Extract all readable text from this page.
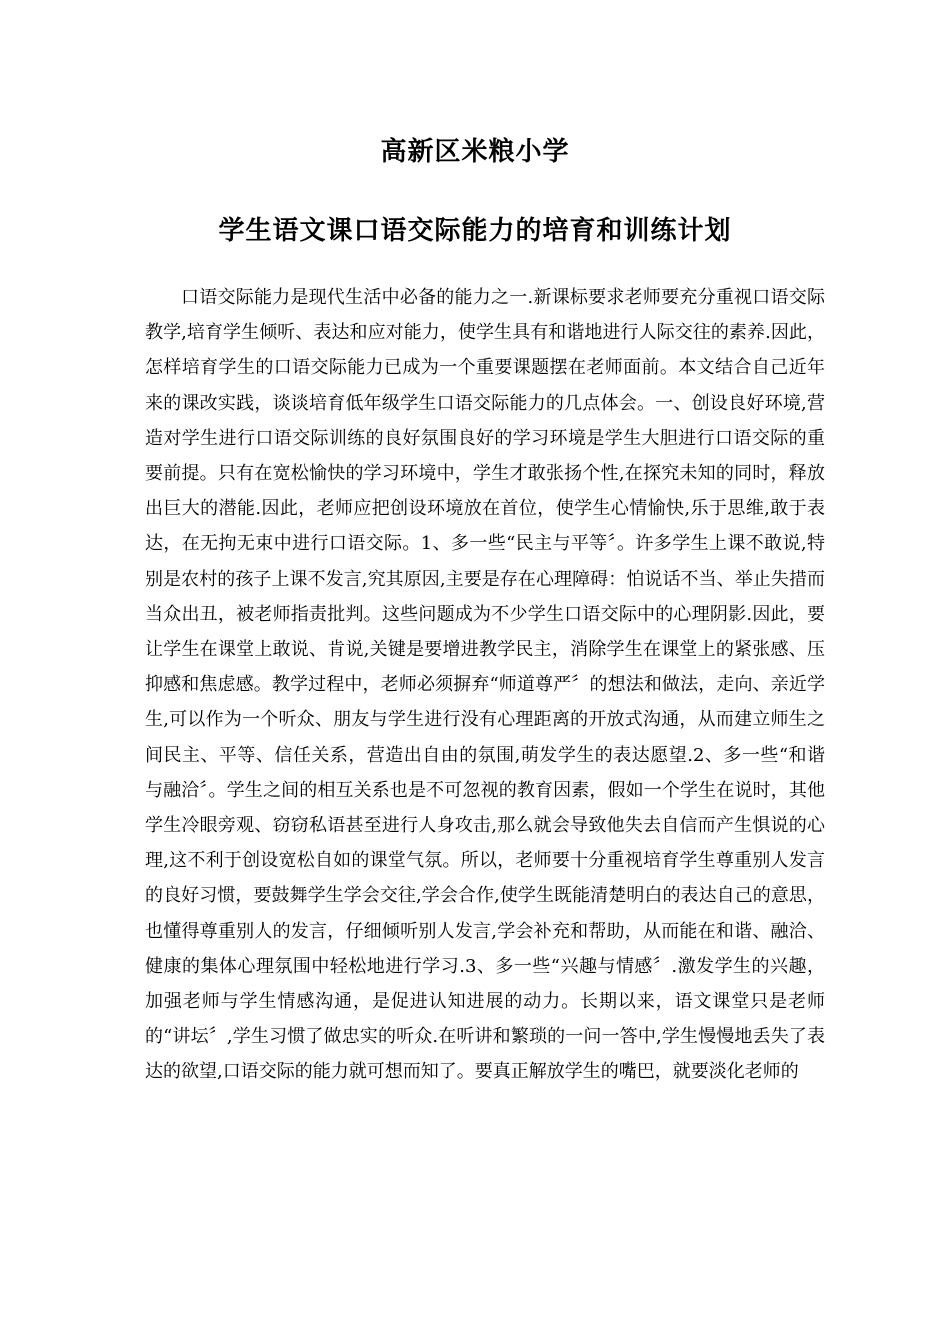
高新区米粮小学
学生语文课口语交际能力的培育和训练计划

口语交际能力是现代生活中必备的能力之一.新课标要求老师要充分重视口语交际教学,培育学生倾听、表达和应对能力，使学生具有和谐地进行人际交往的素养.因此，怎样培育学生的口语交际能力已成为一个重要课题摆在老师面前。本文结合自己近年来的课改实践，谈谈培育低年级学生口语交际能力的几点体会。一、创设良好环境,营造对学生进行口语交际训练的良好氛围良好的学习环境是学生大胆进行口语交际的重要前提。只有在宽松愉快的学习环境中，学生才敢张扬个性,在探究未知的同时，释放出巨大的潜能.因此，老师应把创设环境放在首位，使学生心情愉快,乐于思维,敢于表达，在无拘无束中进行口语交际。1、多一些“民主与平等〞。许多学生上课不敢说,特别是农村的孩子上课不发言,究其原因,主要是存在心理障碍：怕说话不当、举止失措而当众出丑，被老师指责批判。这些问题成为不少学生口语交际中的心理阴影.因此，要让学生在课堂上敢说、肯说,关键是要增进教学民主，消除学生在课堂上的紧张感、压抑感和焦虑感。教学过程中，老师必须摒弃“师道尊严〞的想法和做法，走向、亲近学生,可以作为一个听众、朋友与学生进行没有心理距离的开放式沟通，从而建立师生之间民主、平等、信任关系，营造出自由的氛围,萌发学生的表达愿望.2、多一些“和谐与融洽〞。学生之间的相互关系也是不可忽视的教育因素，假如一个学生在说时，其他学生冷眼旁观、窃窃私语甚至进行人身攻击,那么就会导致他失去自信而产生惧说的心理,这不利于创设宽松自如的课堂气氛。所以，老师要十分重视培育学生尊重别人发言的良好习惯，要鼓舞学生学会交往,学会合作,使学生既能清楚明白的表达自己的意思，也懂得尊重别人的发言，仔细倾听别人发言,学会补充和帮助，从而能在和谐、融洽、健康的集体心理氛围中轻松地进行学习.3、多一些“兴趣与情感〞.激发学生的兴趣，加强老师与学生情感沟通，是促进认知进展的动力。长期以来，语文课堂只是老师的“讲坛〞,学生习惯了做忠实的听众.在听讲和繁琐的一问一答中,学生慢慢地丢失了表达的欲望,口语交际的能力就可想而知了。要真正解放学生的嘴巴，就要淡化老师的
